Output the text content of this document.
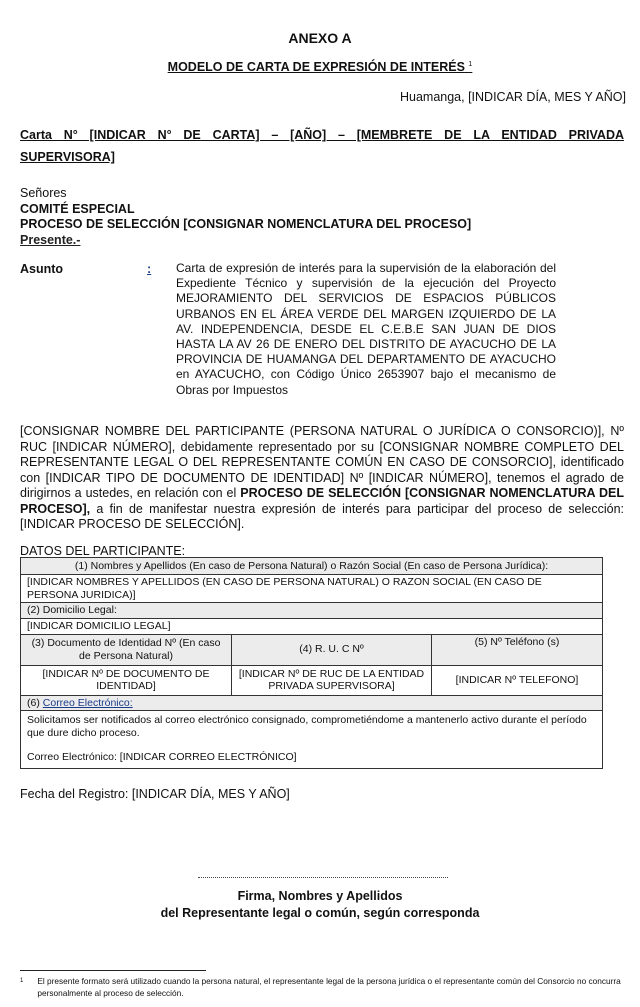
ANEXO A
MODELO DE CARTA DE EXPRESIÓN DE INTERÉS $^1$
Huamanga, [INDICAR DÍA, MES Y AÑO]
Carta N° [INDICAR N° DE CARTA] – [AÑO] – [MEMBRETE DE LA ENTIDAD PRIVADA
SUPERVISORA]
Señores
COMITÉ ESPECIAL
PROCESO DE SELECCIÓN [CONSIGNAR NOMENCLATURA DEL PROCESO]
Presente.-
Asunto	: Carta de expresión de interés para la supervisión de la elaboración del Expediente Técnico y supervisión de la ejecución del Proyecto MEJORAMIENTO DEL SERVICIOS DE ESPACIOS PÚBLICOS URBANOS EN EL ÁREA VERDE DEL MARGEN IZQUIERDO DE LA AV. INDEPENDENCIA, DESDE EL C.E.B.E SAN JUAN DE DIOS HASTA LA AV 26 DE ENERO DEL DISTRITO DE AYACUCHO DE LA PROVINCIA DE HUAMANGA DEL DEPARTAMENTO DE AYACUCHO en AYACUCHO, con Código Único 2653907 bajo el mecanismo de Obras por Impuestos
[CONSIGNAR NOMBRE DEL PARTICIPANTE (PERSONA NATURAL O JURÍDICA O CONSORCIO)], Nº RUC [INDICAR NÚMERO], debidamente representado por su [CONSIGNAR NOMBRE COMPLETO DEL REPRESENTANTE LEGAL O DEL REPRESENTANTE COMÚN EN CASO DE CONSORCIO], identificado con [INDICAR TIPO DE DOCUMENTO DE IDENTIDAD] Nº [INDICAR NÚMERO], tenemos el agrado de dirigirnos a ustedes, en relación con el PROCESO DE SELECCIÓN [CONSIGNAR NOMENCLATURA DEL PROCESO], a fin de manifestar nuestra expresión de interés para participar del proceso de selección: [INDICAR PROCESO DE SELECCIÓN].
DATOS DEL PARTICIPANTE:
(1) Nombres y Apellidos (En caso de Persona Natural) o Razón Social (En caso de Persona Jurídica):		
[INDICAR NOMBRES Y APELLIDOS (EN CASO DE PERSONA NATURAL) O RAZON SOCIAL (EN CASO DE PERSONA JURIDICA)]		
(2) Domicilio Legal:		
[INDICAR DOMICILIO LEGAL]		
(3) Documento de Identidad Nº (En caso de Persona Natural)	(4) R. U. C Nº	(5) Nº Teléfono (s)
[INDICAR Nº DE DOCUMENTO DE IDENTIDAD]	[INDICAR Nº DE RUC DE LA ENTIDAD PRIVADA SUPERVISORA]	[INDICAR Nº TELEFONO]
(6) Correo Electrónico:		

Solicitamos ser notificados al correo electrónico consignado, comprometiéndome a mantenerlo activo durante el período que dure dicho proceso.
Correo Electrónico: [INDICAR CORREO ELECTRÓNICO]		
Fecha del Registro: [INDICAR DÍA, MES Y AÑO]
Firma, Nombres y Apellidos
del Representante legal o común, según corresponda
$^1$ El presente formato será utilizado cuando la persona natural, el representante legal de la persona jurídica o el representante común del Consorcio no concurra personalmente al proceso de selección.
